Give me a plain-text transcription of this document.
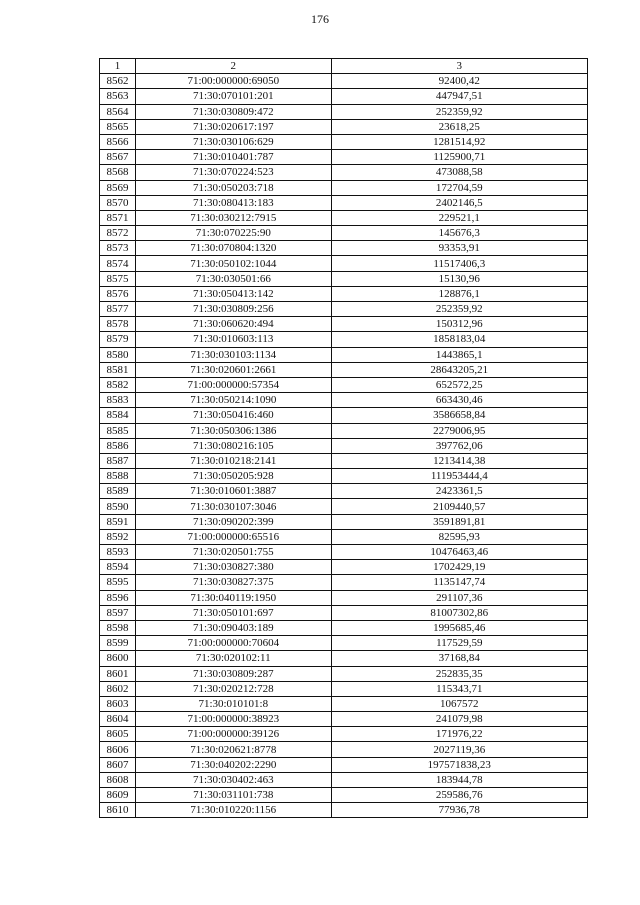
176
1	2	3
8562	71:00:000000:69050	92400,42
8563	71:30:070101:201	447947,51
8564	71:30:030809:472	252359,92
8565	71:30:020617:197	23618,25
8566	71:30:030106:629	1281514,92
8567	71:30:010401:787	1125900,71
8568	71:30:070224:523	473088,58
8569	71:30:050203:718	172704,59
8570	71:30:080413:183	2402146,5
8571	71:30:030212:7915	229521,1
8572	71:30:070225:90	145676,3
8573	71:30:070804:1320	93353,91
8574	71:30:050102:1044	11517406,3
8575	71:30:030501:66	15130,96
8576	71:30:050413:142	128876,1
8577	71:30:030809:256	252359,92
8578	71:30:060620:494	150312,96
8579	71:30:010603:113	1858183,04
8580	71:30:030103:1134	1443865,1
8581	71:30:020601:2661	28643205,21
8582	71:00:000000:57354	652572,25
8583	71:30:050214:1090	663430,46
8584	71:30:050416:460	3586658,84
8585	71:30:050306:1386	2279006,95
8586	71:30:080216:105	397762,06
8587	71:30:010218:2141	1213414,38
8588	71:30:050205:928	111953444,4
8589	71:30:010601:3887	2423361,5
8590	71:30:030107:3046	2109440,57
8591	71:30:090202:399	3591891,81
8592	71:00:000000:65516	82595,93
8593	71:30:020501:755	10476463,46
8594	71:30:030827:380	1702429,19
8595	71:30:030827:375	1135147,74
8596	71:30:040119:1950	291107,36
8597	71:30:050101:697	81007302,86
8598	71:30:090403:189	1995685,46
8599	71:00:000000:70604	117529,59
8600	71:30:020102:11	37168,84
8601	71:30:030809:287	252835,35
8602	71:30:020212:728	115343,71
8603	71:30:010101:8	1067572
8604	71:00:000000:38923	241079,98
8605	71:00:000000:39126	171976,22
8606	71:30:020621:8778	2027119,36
8607	71:30:040202:2290	197571838,23
8608	71:30:030402:463	183944,78
8609	71:30:031101:738	259586,76
8610	71:30:010220:1156	77936,78
